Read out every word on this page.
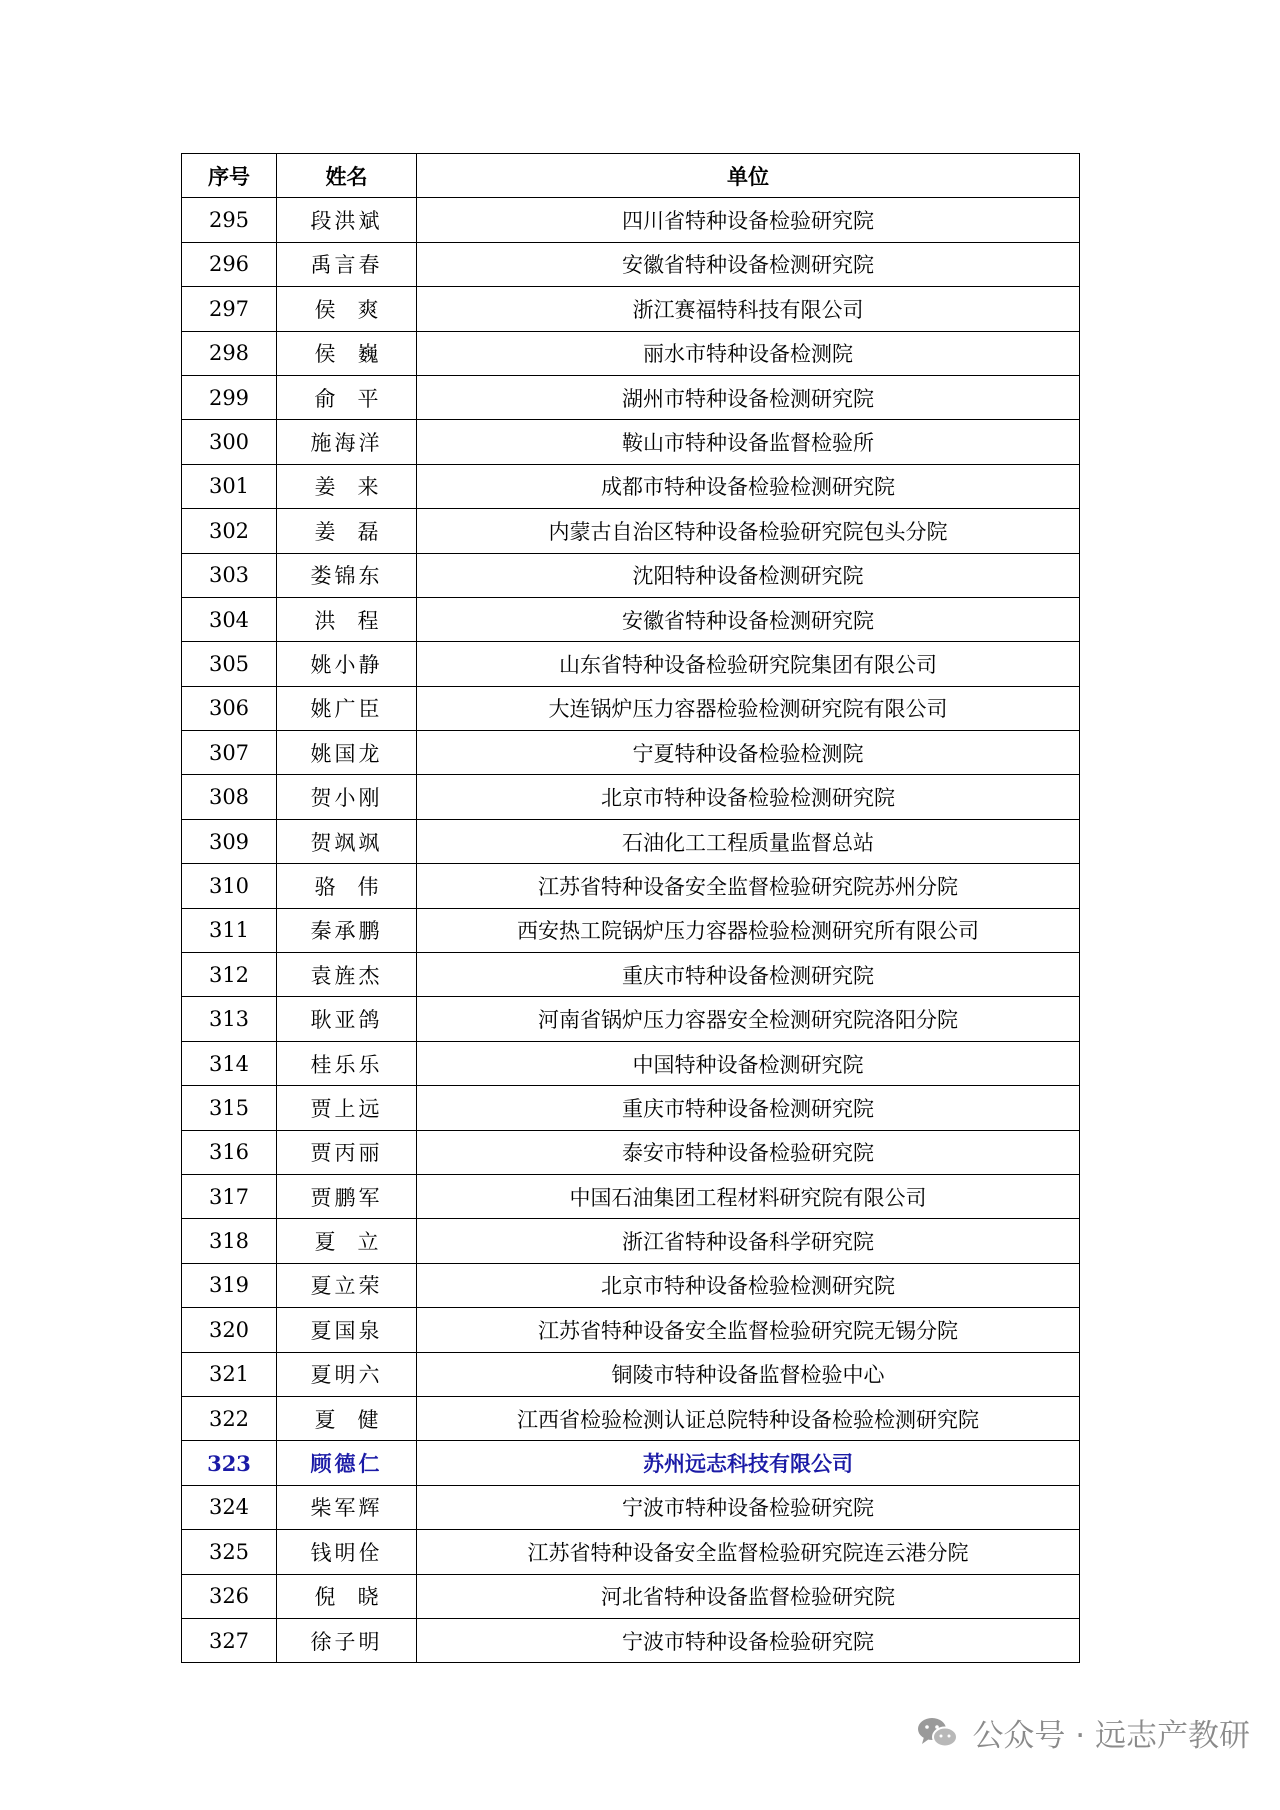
序号	姓名	单位
295	段洪斌	四川省特种设备检验研究院
296	禹言春	安徽省特种设备检测研究院
297	侯爽	浙江赛福特科技有限公司
298	侯巍	丽水市特种设备检测院
299	俞平	湖州市特种设备检测研究院
300	施海洋	鞍山市特种设备监督检验所
301	姜来	成都市特种设备检验检测研究院
302	姜磊	内蒙古自治区特种设备检验研究院包头分院
303	娄锦东	沈阳特种设备检测研究院
304	洪程	安徽省特种设备检测研究院
305	姚小静	山东省特种设备检验研究院集团有限公司
306	姚广臣	大连锅炉压力容器检验检测研究院有限公司
307	姚国龙	宁夏特种设备检验检测院
308	贺小刚	北京市特种设备检验检测研究院
309	贺飒飒	石油化工工程质量监督总站
310	骆伟	江苏省特种设备安全监督检验研究院苏州分院
311	秦承鹏	西安热工院锅炉压力容器检验检测研究所有限公司
312	袁旌杰	重庆市特种设备检测研究院
313	耿亚鸽	河南省锅炉压力容器安全检测研究院洛阳分院
314	桂乐乐	中国特种设备检测研究院
315	贾上远	重庆市特种设备检测研究院
316	贾丙丽	泰安市特种设备检验研究院
317	贾鹏军	中国石油集团工程材料研究院有限公司
318	夏立	浙江省特种设备科学研究院
319	夏立荣	北京市特种设备检验检测研究院
320	夏国泉	江苏省特种设备安全监督检验研究院无锡分院
321	夏明六	铜陵市特种设备监督检验中心
322	夏健	江西省检验检测认证总院特种设备检验检测研究院
323	顾德仁	苏州远志科技有限公司
324	柴军辉	宁波市特种设备检验研究院
325	钱明佺	江苏省特种设备安全监督检验研究院连云港分院
326	倪晓	河北省特种设备监督检验研究院
327	徐子明	宁波市特种设备检验研究院
公众号 · 远志产教研
